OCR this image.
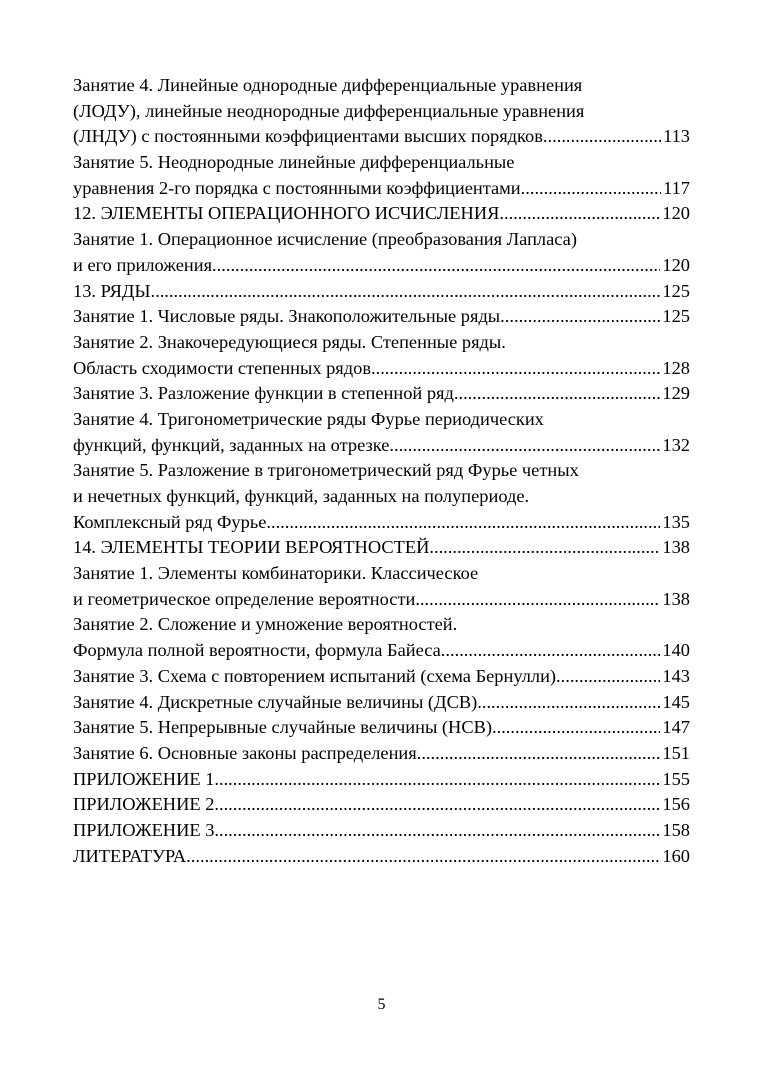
Занятие 4. Линейные однородные дифференциальные уравнения
(ЛОДУ), линейные неоднородные дифференциальные уравнения
(ЛНДУ) с постоянными коэффициентами высших порядков .....	113
Занятие 5. Неоднородные линейные дифференциальные
уравнения 2-го порядка с постоянными коэффициентами .....	117
12. ЭЛЕМЕНТЫ ОПЕРАЦИОННОГО ИСЧИСЛЕНИЯ .....	120
Занятие 1. Операционное исчисление (преобразования Лапласа)
и его приложения .....	120
13. РЯДЫ .....	125
Занятие 1. Числовые ряды. Знакоположительные ряды .....	125
Занятие 2. Знакочередующиеся ряды. Степенные ряды.
Область сходимости степенных рядов .....	128
Занятие 3. Разложение функции в степенной ряд .....	129
Занятие 4. Тригонометрические ряды Фурье периодических
функций, функций, заданных на отрезке .....	132
Занятие 5. Разложение в тригонометрический ряд Фурье четных
и нечетных функций, функций, заданных на полупериоде.
Комплексный ряд Фурье .....	135
14. ЭЛЕМЕНТЫ ТЕОРИИ ВЕРОЯТНОСТЕЙ .....	138
Занятие 1. Элементы комбинаторики. Классическое
и геометрическое определение вероятности .....	138
Занятие 2. Сложение и умножение вероятностей.
Формула полной вероятности, формула Байеса .....	140
Занятие 3. Схема с повторением испытаний (схема Бернулли) .....	143
Занятие 4. Дискретные случайные величины (ДСВ) .....	145
Занятие 5. Непрерывные случайные величины (НСВ) .....	147
Занятие 6. Основные законы распределения .....	151
ПРИЛОЖЕНИЕ 1 .....	155
ПРИЛОЖЕНИЕ 2 .....	156
ПРИЛОЖЕНИЕ 3 .....	158
ЛИТЕРАТУРА .....	160
5
